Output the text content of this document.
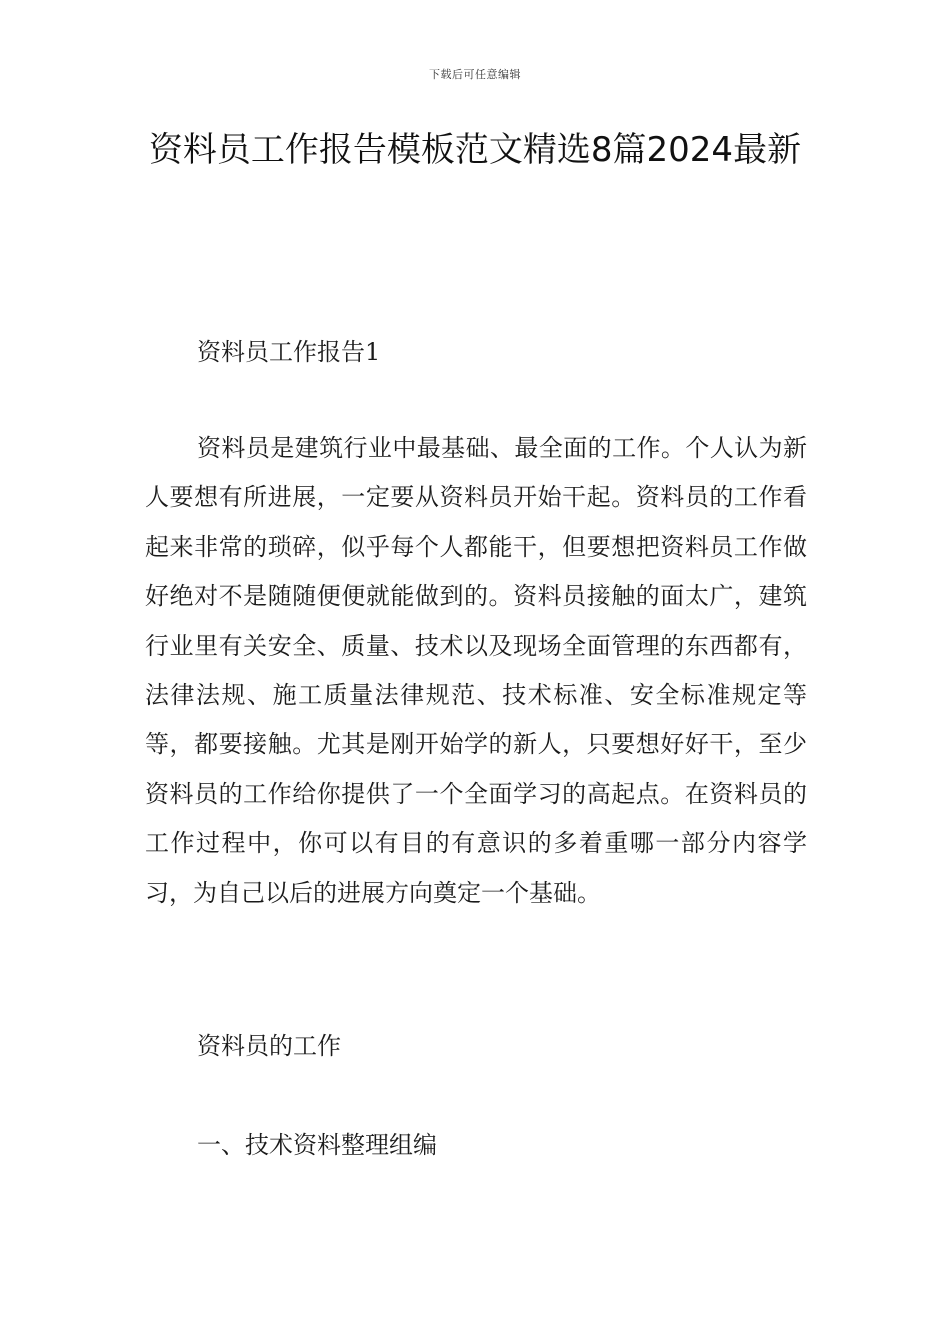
下载后可任意编辑
资料员工作报告模板范文精选8篇2024最新

资料员工作报告1

资料员是建筑行业中最基础、最全面的工作。个人认为新人要想有所进展，一定要从资料员开始干起。资料员的工作看起来非常的琐碎，似乎每个人都能干，但要想把资料员工作做好绝对不是随随便便就能做到的。资料员接触的面太广，建筑行业里有关安全、质量、技术以及现场全面管理的东西都有，法律法规、施工质量法律规范、技术标准、安全标准规定等等，都要接触。尤其是刚开始学的新人，只要想好好干，至少资料员的工作给你提供了一个全面学习的高起点。在资料员的工作过程中，你可以有目的有意识的多着重哪一部分内容学习，为自己以后的进展方向奠定一个基础。

资料员的工作

一、技术资料整理组编
